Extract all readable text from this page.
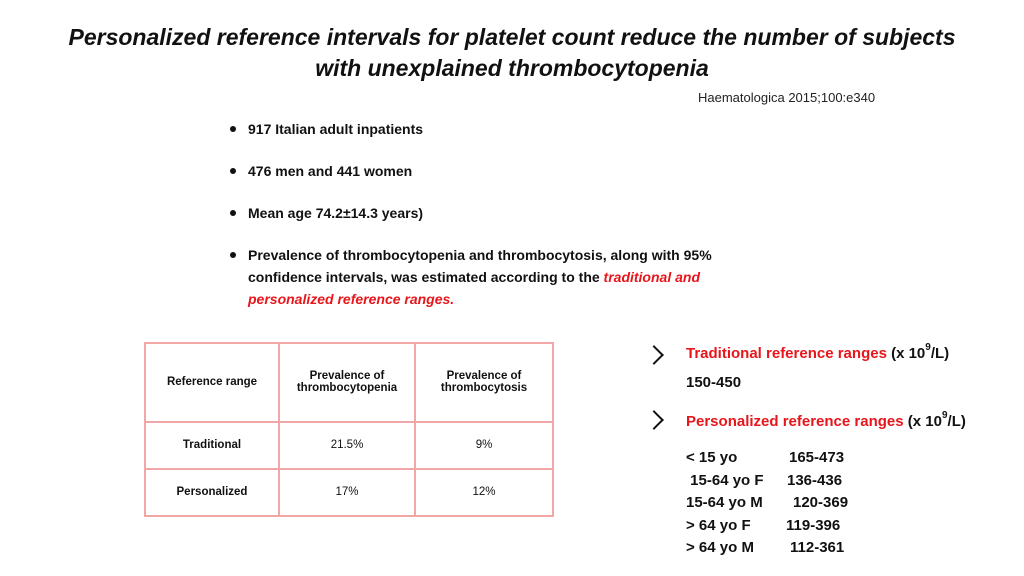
Personalized reference intervals for platelet count reduce the number of subjects with unexplained thrombocytopenia
Haematologica 2015;100:e340
917 Italian adult inpatients
476 men and 441 women
Mean age 74.2±14.3 years)
Prevalence of thrombocytopenia and thrombocytosis, along with 95% confidence intervals, was estimated according to the traditional and personalized reference ranges.
Reference range	Prevalence of thrombocytopenia	Prevalence of thrombocytosis
Traditional	21.5%	9%
Personalized	17%	12%
Traditional reference ranges (x $10^9/L$)
150-450
Personalized reference ranges (x $10^9/L$)
< 15 yo	165-473
15-64 yo F	136-436
15-64 yo M	120-369
> 64 yo F	119-396
> 64 yo M	112-361
